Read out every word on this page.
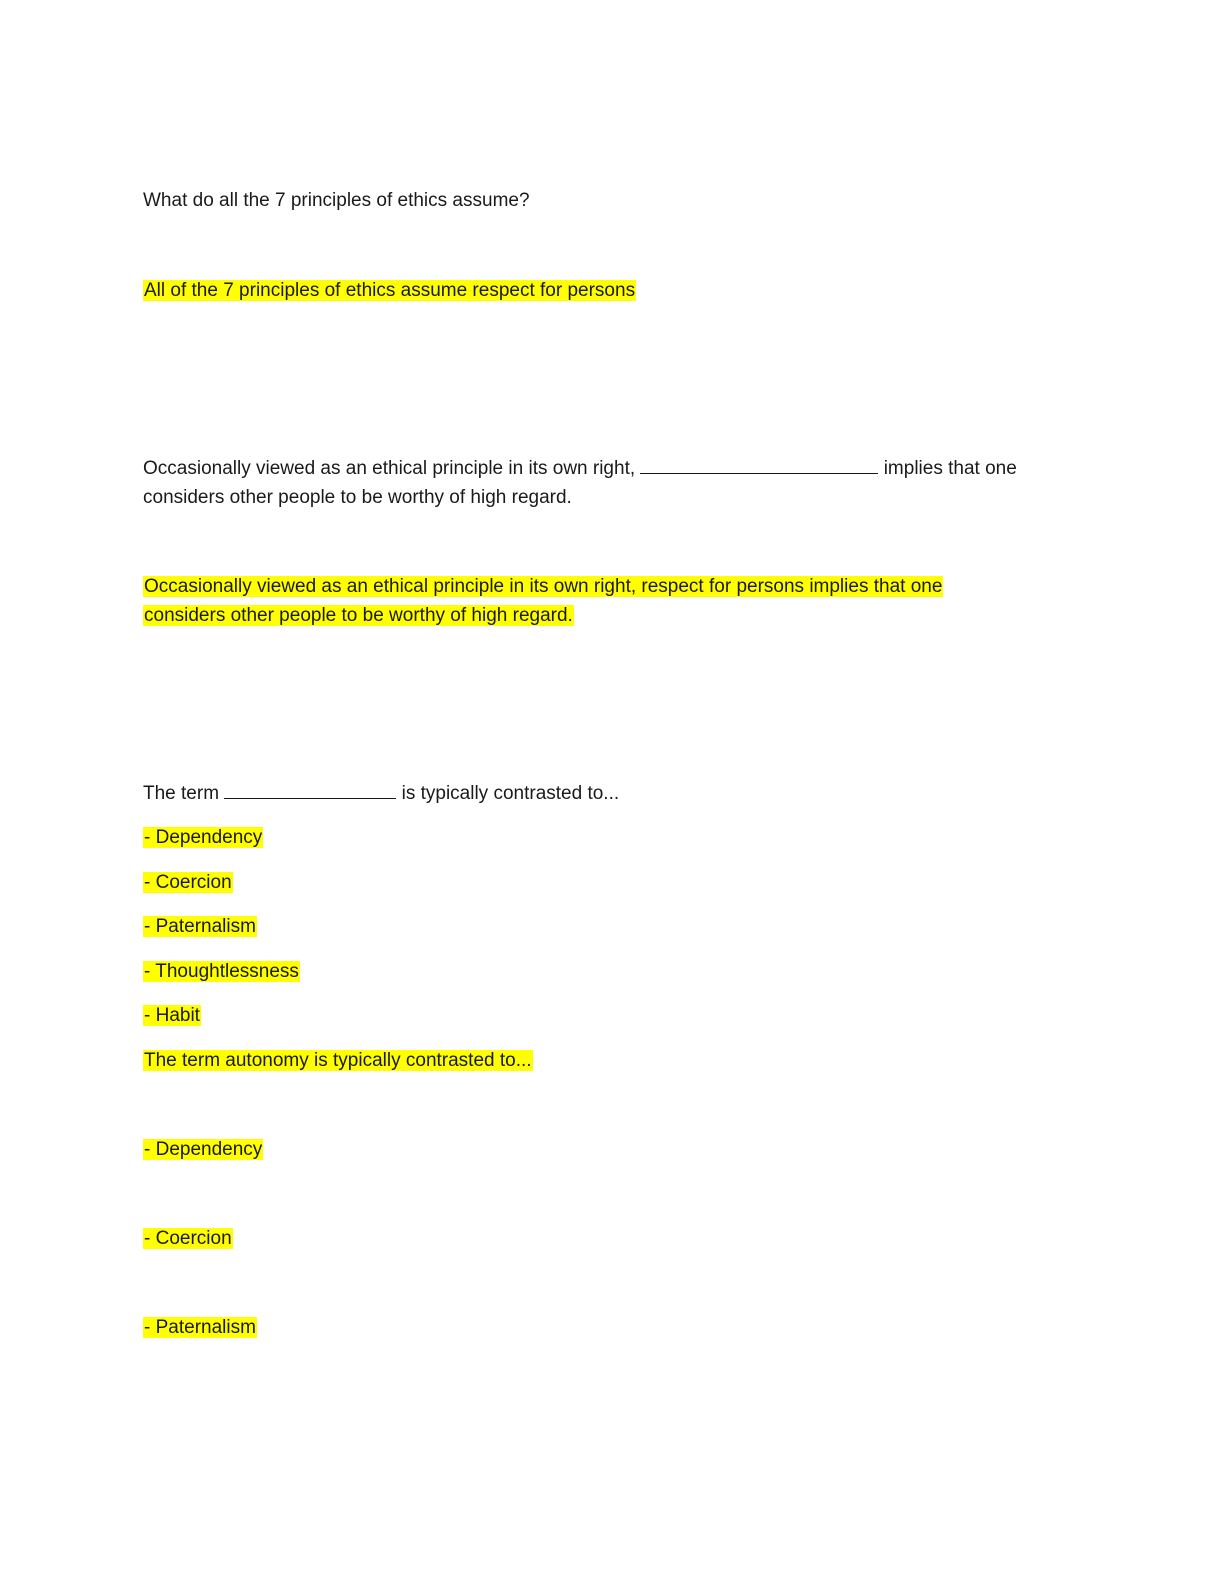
What do all the 7 principles of ethics assume?
All of the 7 principles of ethics assume respect for persons
Occasionally viewed as an ethical principle in its own right,	implies that one
considers other people to be worthy of high regard.
Occasionally viewed as an ethical principle in its own right, respect for persons implies that one
considers other people to be worthy of high regard.
The term	is typically contrasted to...
- Dependency
- Coercion
- Paternalism
- Thoughtlessness
- Habit
The term autonomy is typically contrasted to...
- Dependency
- Coercion
- Paternalism
